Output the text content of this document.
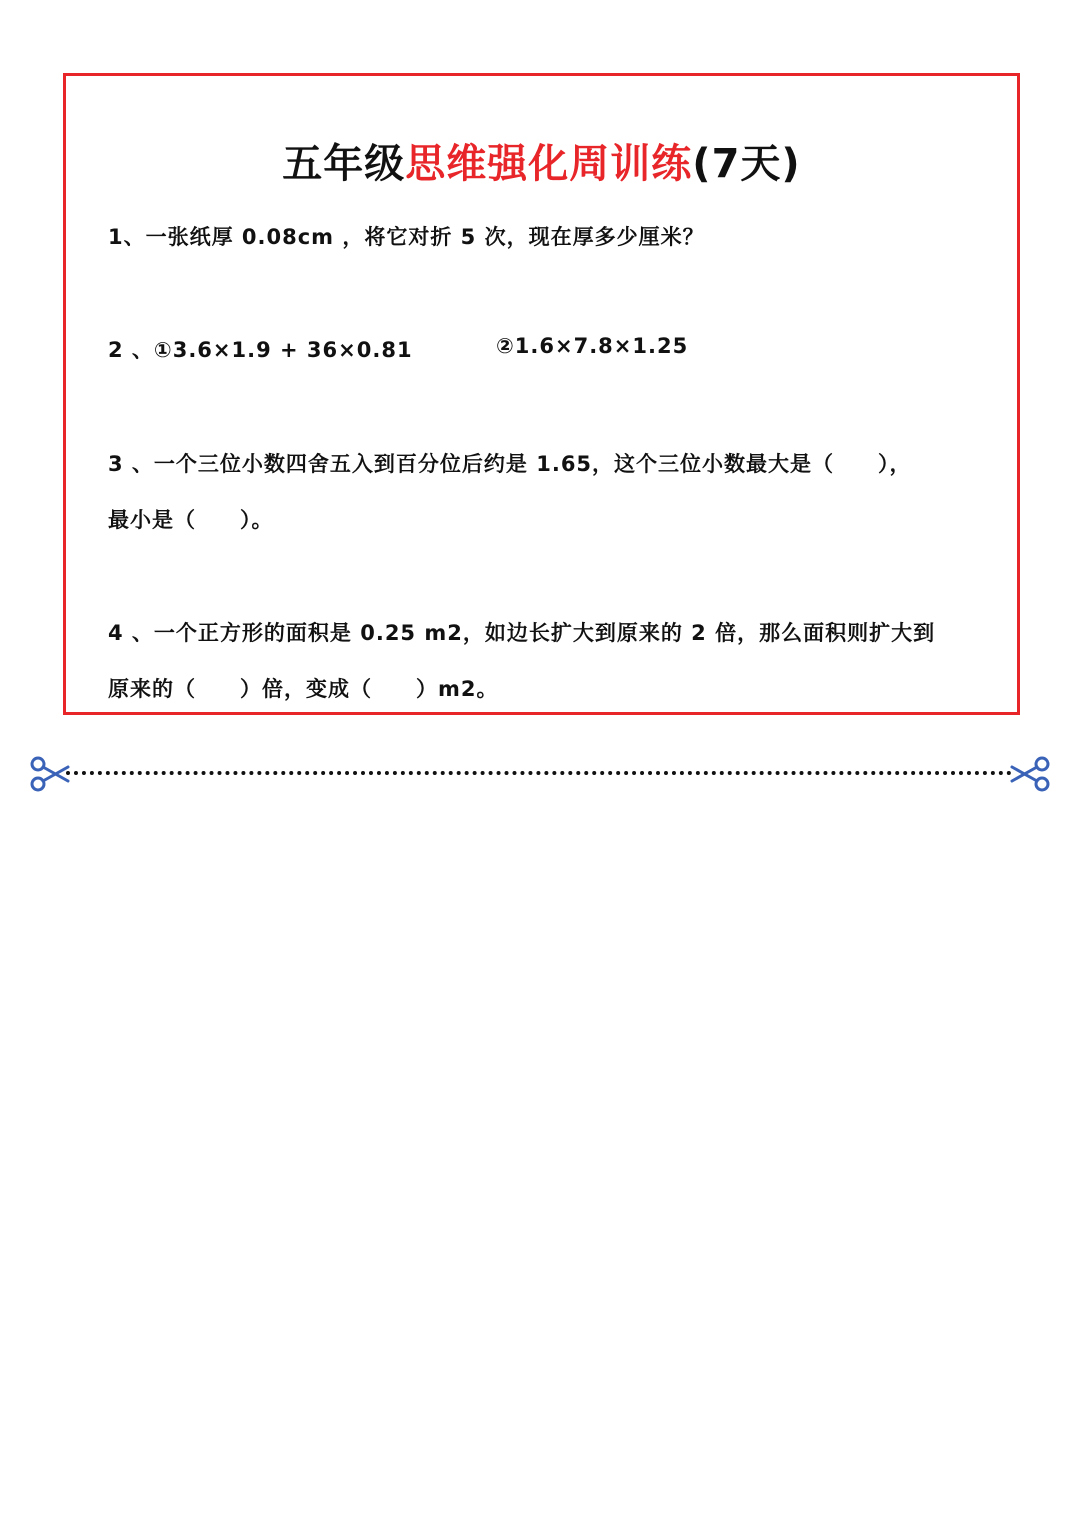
五年级思维强化周训练(7天)
1、一张纸厚 0.08cm ，将它对折 5 次，现在厚多少厘米？
2 、①3.6×1.9 + 36×0.81	②1.6×7.8×1.25
3 、一个三位小数四舍五入到百分位后约是 1.65，这个三位小数最大是（　　），
最小是（　　）。
4 、一个正方形的面积是 0.25 m2，如边长扩大到原来的 2 倍，那么面积则扩大到
原来的（　　）倍，变成（　　）m2。
